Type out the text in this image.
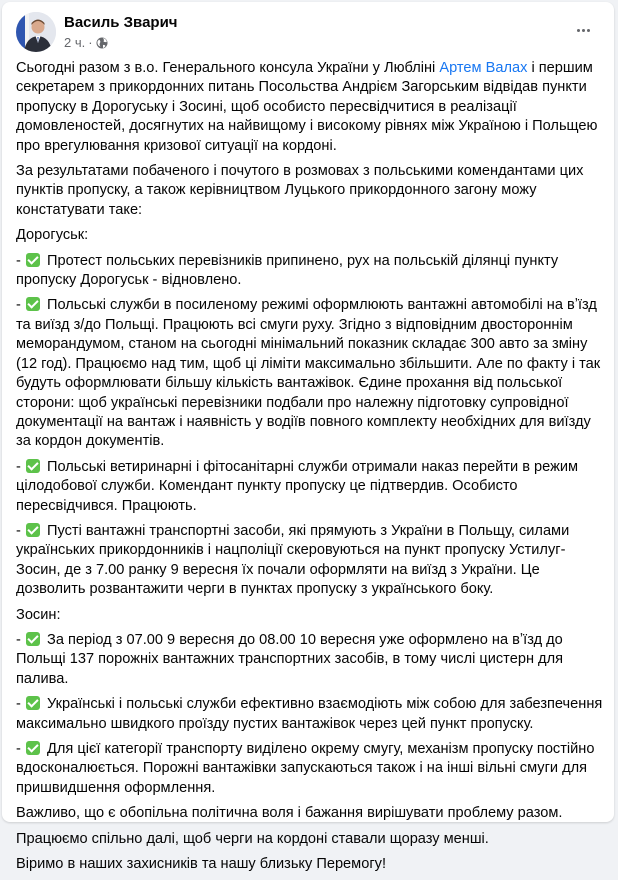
Василь Зварич
2 ч. ·

Сьогодні разом з в.о. Генерального консула України у Любліні Артем Валах і першим секретарем з прикордонних питань Посольства Андрієм Загорським відвідав пункти пропуску в Дорогуську і Зосині, щоб особисто пересвідчитися в реалізації домовленостей, досягнутих на найвищому і високому рівнях між Україною і Польщею про врегулювання кризової ситуації на кордоні.

За результатами побаченого і почутого в розмовах з польськими комендантами цих пунктів пропуску, а також керівництвом Луцького прикордонного загону можу констатувати таке:

Дорогуськ:

- Протест польських перевізників припинено, рух на польській ділянці пункту пропуску Дорогуськ - відновлено.

- Польські служби в посиленому режимі оформлюють вантажні автомобілі на вʼїзд та виїзд з/до Польщі. Працюють всі смуги руху. Згідно з відповідним двостороннім меморандумом, станом на сьогодні мінімальний показник складає 300 авто за зміну (12 год). Працюємо над тим, щоб ці ліміти максимально збільшити. Але по факту і так будуть оформлювати більшу кількість вантажівок. Єдине прохання від польської сторони: щоб українські перевізники подбали про належну підготовку супровідної документації на вантаж і наявність у водіїв повного комплекту необхідних для виїзду за кордон документів.

- Польські ветиринарні і фітосанітарні служби отримали наказ перейти в режим цілодобової служби. Комендант пункту пропуску це підтвердив. Особисто пересвідчився. Працюють.

- Пусті вантажні транспортні засоби, які прямують з України в Польщу, силами українських прикордонників і нацполіції скеровуються на пункт пропуску Устилуг-Зосин, де з 7.00 ранку 9 вересня їх почали оформляти на виїзд з України. Це дозволить розвантажити черги в пунктах пропуску з українського боку.

Зосин:

- За період з 07.00 9 вересня до 08.00 10 вересня уже оформлено на вʼїзд до Польщі 137 порожніх вантажних транспортних засобів, в тому числі цистерн для палива.

- Українські і польські служби ефективно взаємодіють між собою для забезпечення максимально швидкого проїзду пустих вантажівок через цей пункт пропуску.

- Для цієї категорії транспорту виділено окрему смугу, механізм пропуску постійно вдосконалюється. Порожні вантажівки запускаються також і на інші вільні смуги для пришвидшення оформлення.

Важливо, що є обопільна політична воля і бажання вирішувати проблему разом.

Працюємо спільно далі, щоб черги на кордоні ставали щоразу менші.

Віримо в наших захисників та нашу близьку Перемогу!
